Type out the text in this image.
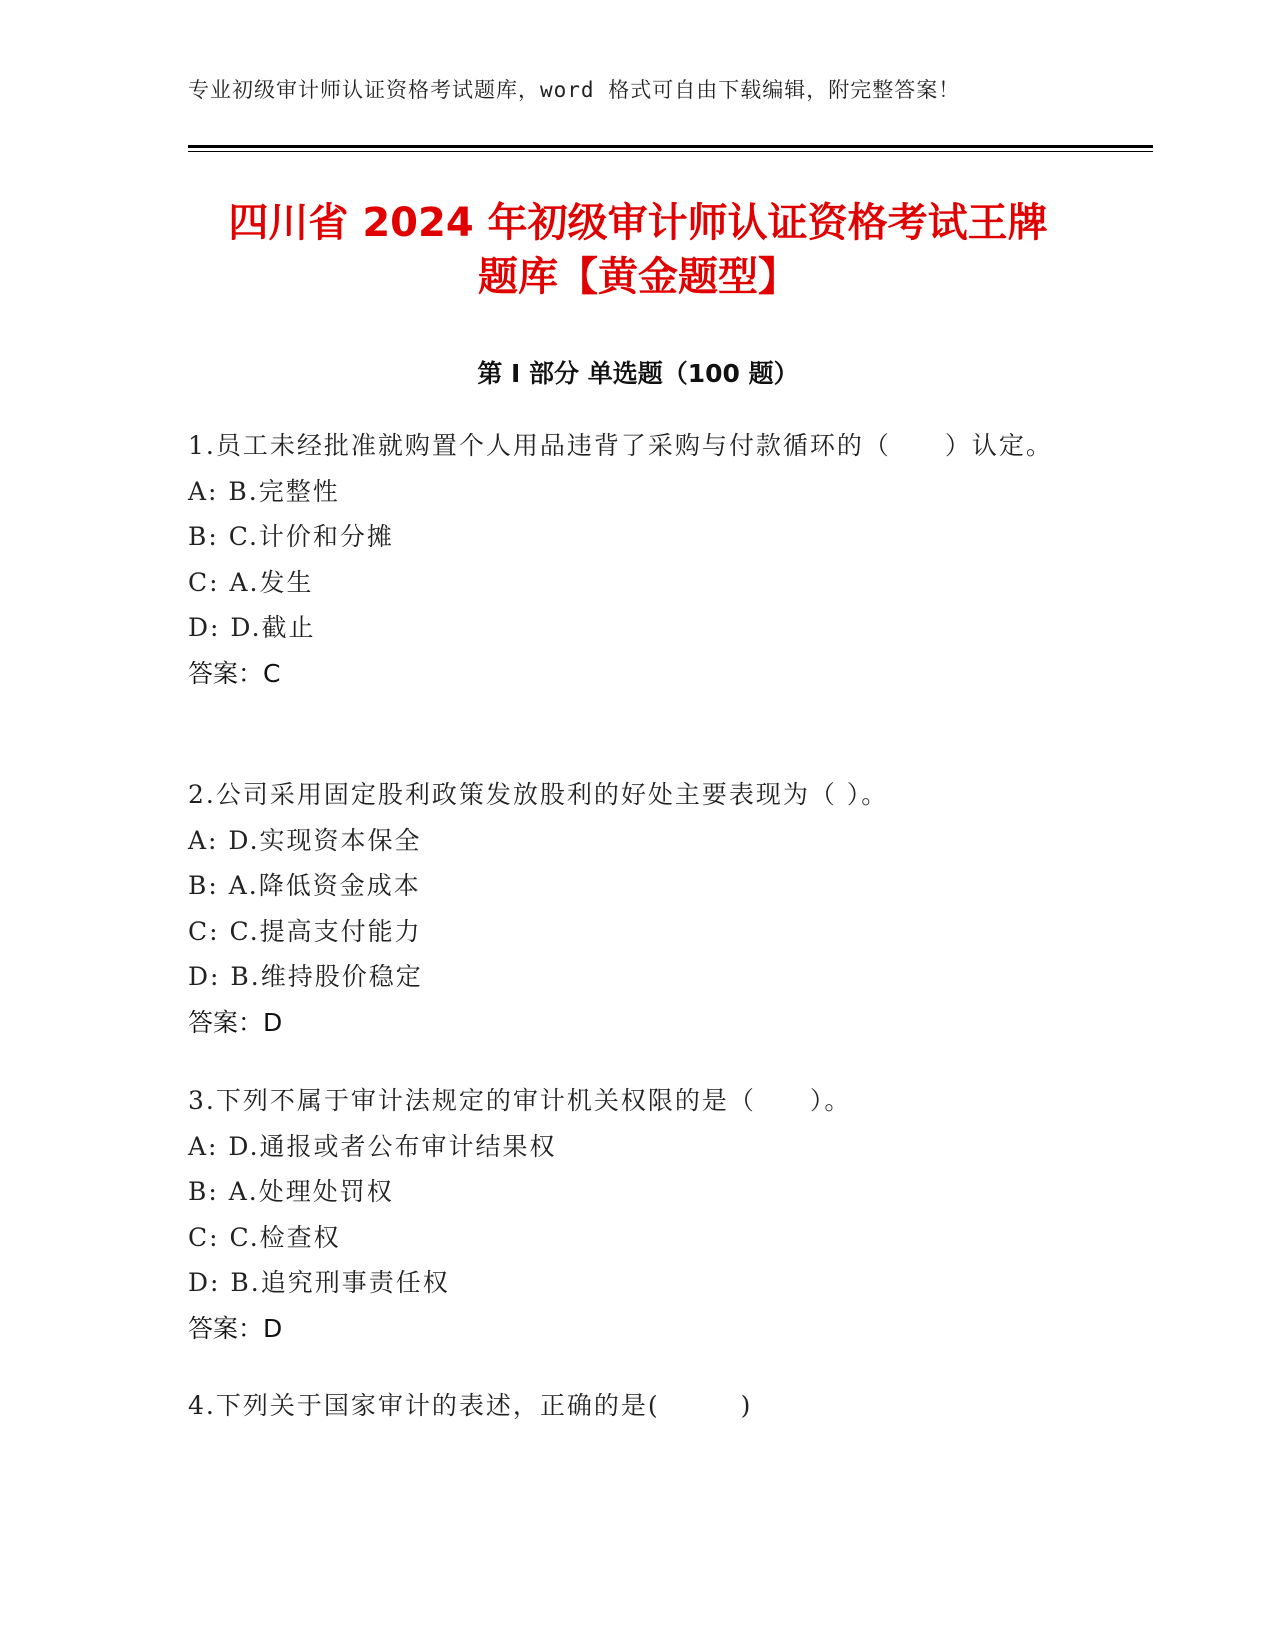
专业初级审计师认证资格考试题库，word 格式可自由下载编辑，附完整答案！
四川省 2024 年初级审计师认证资格考试王牌
题库【黄金题型】
第 I 部分 单选题（100 题）
1.员工未经批准就购置个人用品违背了采购与付款循环的（　　）认定。
A: B.完整性
B: C.计价和分摊
C: A.发生
D: D.截止
答案：C
2.公司采用固定股利政策发放股利的好处主要表现为（ ）。
A: D.实现资本保全
B: A.降低资金成本
C: C.提高支付能力
D: B.维持股价稳定
答案：D
3.下列不属于审计法规定的审计机关权限的是（　　）。
A: D.通报或者公布审计结果权
B: A.处理处罚权
C: C.检查权
D: B.追究刑事责任权
答案：D
4.下列关于国家审计的表述，正确的是(　　　)
